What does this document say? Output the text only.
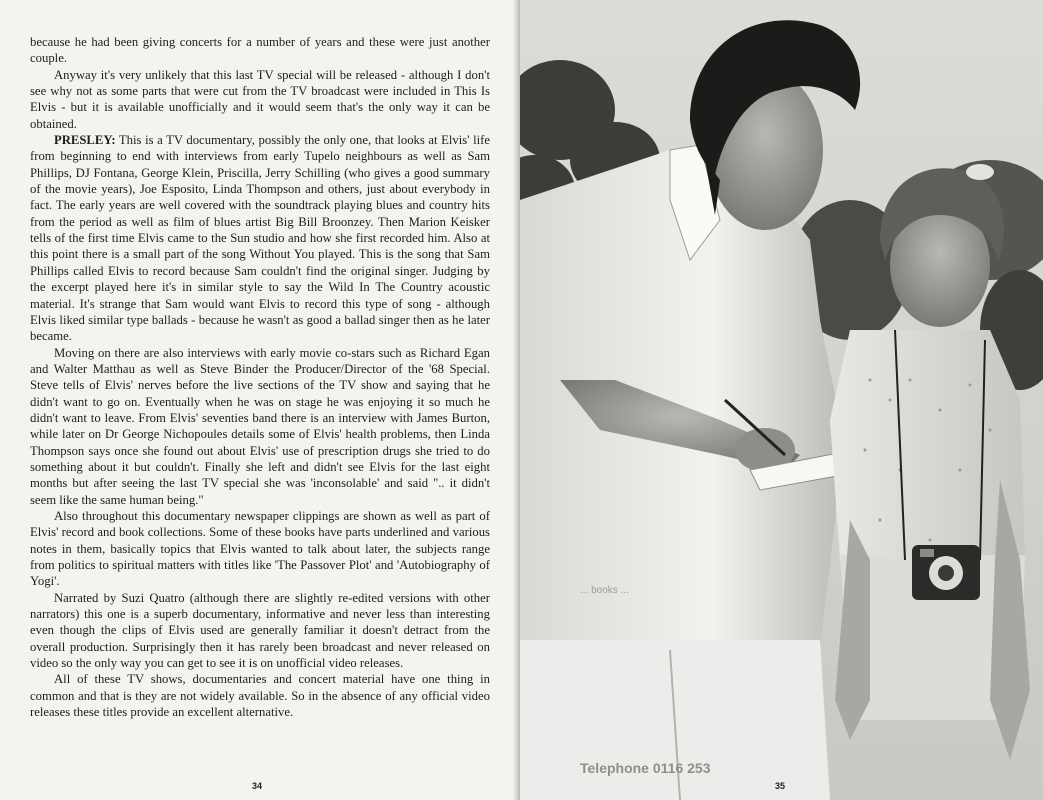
because he had been giving concerts for a number of years and these were just another couple.

Anyway it's very unlikely that this last TV special will be released - although I don't see why not as some parts that were cut from the TV broadcast were included in This Is Elvis - but it is available unofficially and it would seem that's the only way it can be obtained.

PRESLEY: This is a TV documentary, possibly the only one, that looks at Elvis' life from beginning to end with interviews from early Tupelo neighbours as well as Sam Phillips, DJ Fontana, George Klein, Priscilla, Jerry Schilling (who gives a good summary of the movie years), Joe Esposito, Linda Thompson and others, just about everybody in fact. The early years are well covered with the soundtrack playing blues and country hits from the period as well as film of blues artist Big Bill Broonzey. Then Marion Keisker tells of the first time Elvis came to the Sun studio and how she first recorded him. Also at this point there is a small part of the song Without You played. This is the song that Sam Phillips called Elvis to record because Sam couldn't find the original singer. Judging by the excerpt played here it's in similar style to say the Wild In The Country acoustic material. It's strange that Sam would want Elvis to record this type of song - although Elvis liked similar type ballads - because he wasn't as good a ballad singer then as he later became.

Moving on there are also interviews with early movie co-stars such as Richard Egan and Walter Matthau as well as Steve Binder the Producer/Director of the '68 Special. Steve tells of Elvis' nerves before the live sections of the TV show and saying that he didn't want to go on. Eventually when he was on stage he was enjoying it so much he didn't want to leave. From Elvis' seventies band there is an interview with James Burton, while later on Dr George Nichopoules details some of Elvis' health problems, then Linda Thompson says once she found out about Elvis' use of prescription drugs she tried to do something about it but couldn't. Finally she left and didn't see Elvis for the last eight months but after seeing the last TV special she was 'inconsolable' and said ".. it didn't seem like the same human being."

Also throughout this documentary newspaper clippings are shown as well as part of Elvis' record and book collections. Some of these books have parts underlined and various notes in them, basically topics that Elvis wanted to talk about later, the subjects range from politics to spiritual matters with titles like 'The Passover Plot' and 'Autobiography of Yogi'.

Narrated by Suzi Quatro (although there are slightly re-edited versions with other narrators) this one is a superb documentary, informative and never less than interesting even though the clips of Elvis used are generally familiar it doesn't detract from the overall production. Surprisingly then it has rarely been broadcast and never released on video so the only way you can get to see it is on unofficial video releases.

All of these TV shows, documentaries and concert material have one thing in common and that is they are not widely available. So in the absence of any official video releases these titles provide an excellent alternative.

34
... books ...
Telephone 0116 253
35
